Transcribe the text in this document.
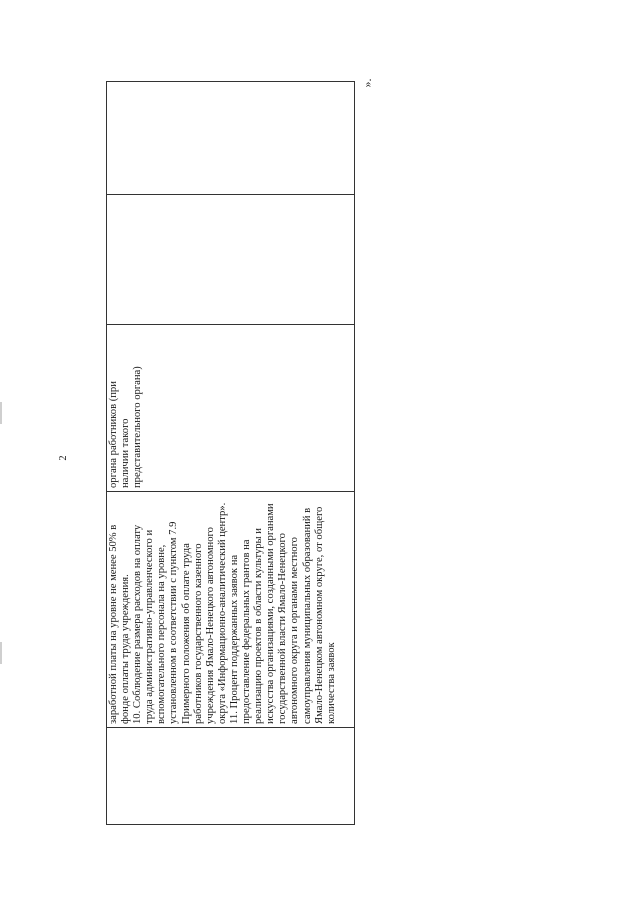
2
заработной платы на уровне не менее 50% в фонде оплаты труда учреждения. 10. Соблюдение размера расходов на оплату труда административно-управленческого и вспомогательного персонала на уровне, установленном в соответствии с пунктом 7.9 Примерного положения об оплате труда работников государственного казенного учреждения Ямало-Ненецкого автономного округа «Информационно-аналитический центр». 11. Процент поддержанных заявок на предоставление федеральных грантов на реализацию проектов в области культуры и искусства организациями, созданными органами государственной власти Ямало-Ненецкого автономного округа и органами местного самоуправления муниципальных образований в Ямало-Ненецком автономном округе, от общего количества заявок
органа работников (при наличии такого представительного органа)
».
